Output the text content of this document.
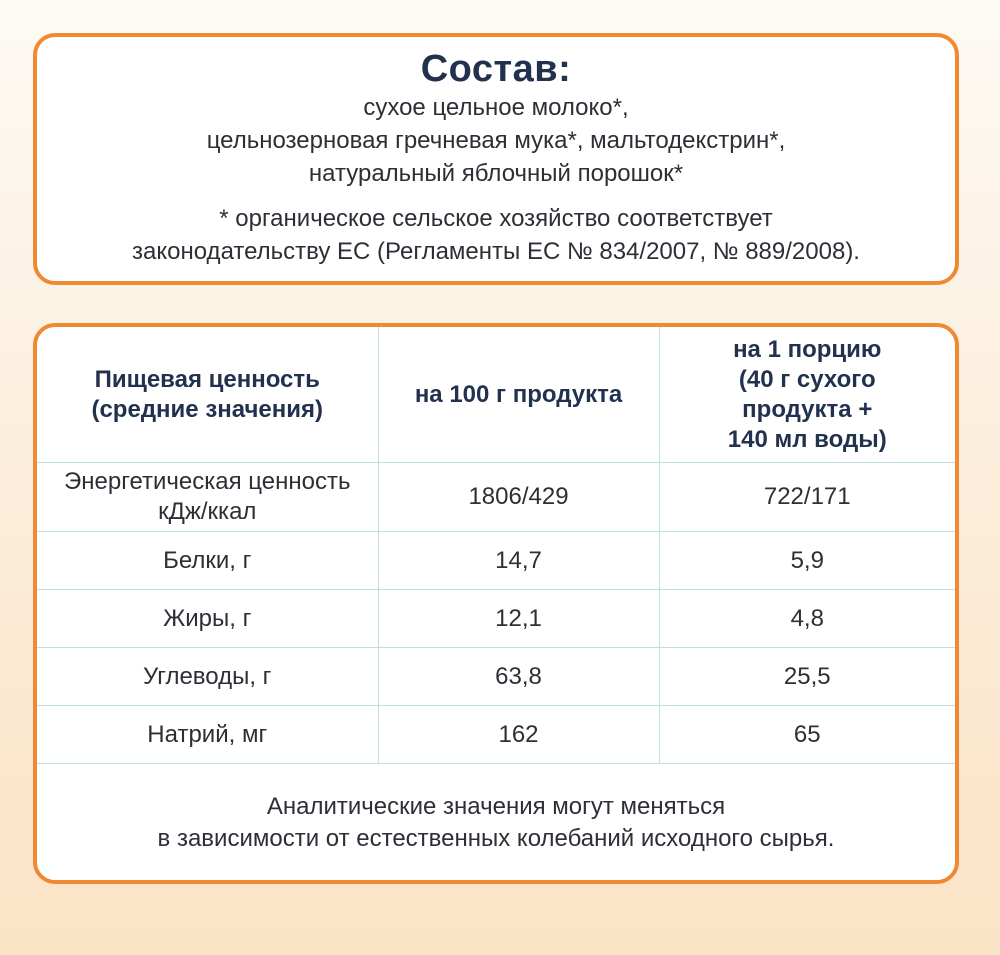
Состав:
сухое цельное молоко*,
цельнозерновая гречневая мука*, мальтодекстрин*,
натуральный яблочный порошок*
* органическое сельское хозяйство соответствует
законодательству ЕС (Регламенты ЕС № 834/2007, № 889/2008).
Пищевая ценность
(средние значения)	на 100 г продукта	на 1 порцию
(40 г сухого
продукта +
140 мл воды)

Энергетическая ценность
кДж/ккал	1806/429	722/171
Белки, г	14,7	5,9
Жиры, г	12,1	4,8
Углеводы, г	63,8	25,5
Натрий, мг	162	65

Аналитические значения могут меняться
в зависимости от естественных колебаний исходного сырья.		
